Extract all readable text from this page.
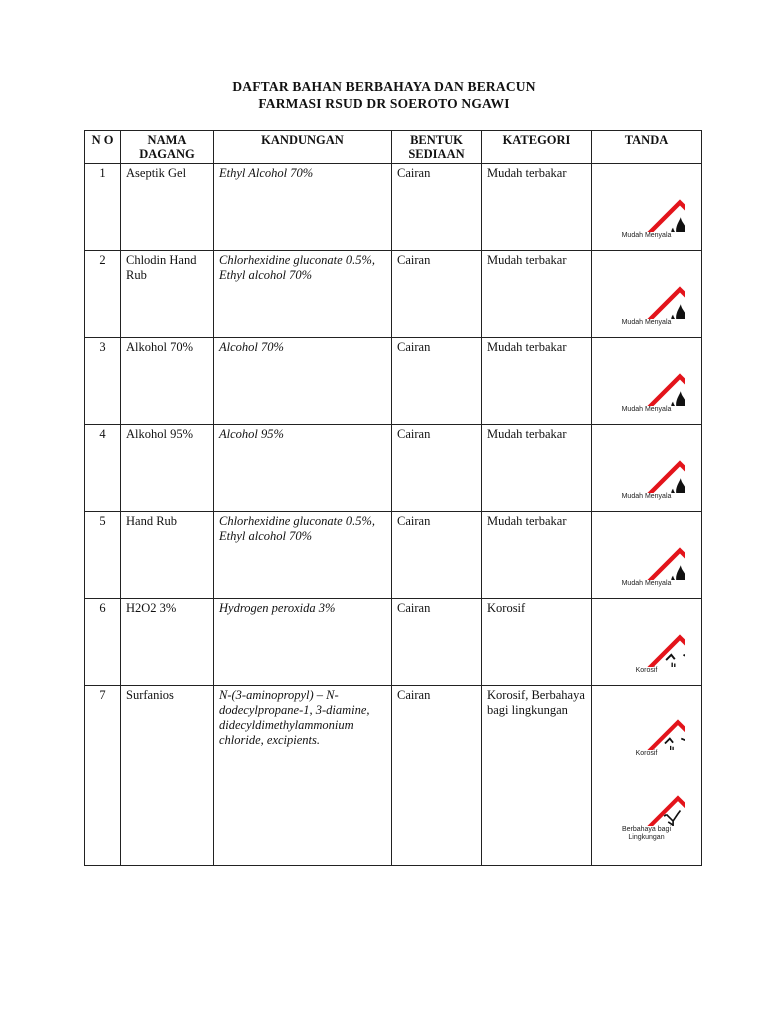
DAFTAR BAHAN BERBAHAYA DAN BERACUN
FARMASI RSUD DR SOEROTO NGAWI
N O	NAMA DAGANG	KANDUNGAN	BENTUK SEDIAAN	KATEGORI	TANDA
1	Aseptik Gel	Ethyl Alcohol 70%	Cairan	Mudah terbakar	Mudah Menyala

2	Chlodin Hand Rub	Chlorhexidine gluconate 0.5%, Ethyl alcohol 70%	Cairan	Mudah terbakar	Mudah Menyala

3	Alkohol 70%	Alcohol 70%	Cairan	Mudah terbakar	Mudah Menyala

4	Alkohol 95%	Alcohol 95%	Cairan	Mudah terbakar	Mudah Menyala

5	Hand Rub	Chlorhexidine gluconate 0.5%, Ethyl alcohol 70%	Cairan	Mudah terbakar	Mudah Menyala

6	H2O2 3%	Hydrogen peroxida 3%	Cairan	Korosif	Korosif

7	Surfanios	N-(3-aminopropyl) – N-dodecylpropane-1, 3-diamine, didecyldimethylammonium chloride, excipients.	Cairan	Korosif, Berbahaya bagi lingkungan	Korosif
Berbahaya bagi Lingkungan
